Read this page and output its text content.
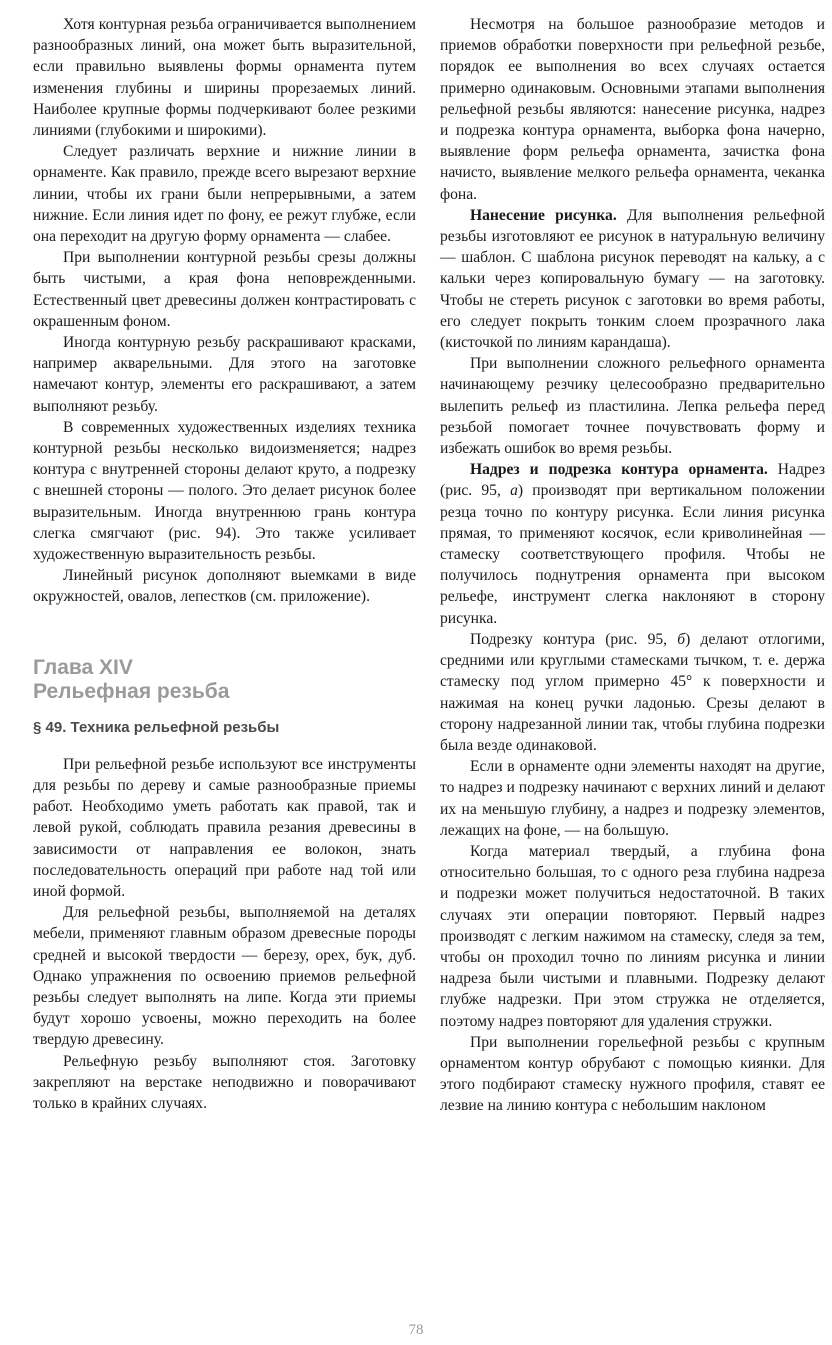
Хотя контурная резьба ограничивается выполнением разнообразных линий, она может быть выразительной, если правильно выявлены формы орнамента путем изменения глубины и ширины прорезаемых линий. Наиболее крупные формы подчеркивают более резкими линиями (глубокими и широкими).

Следует различать верхние и нижние линии в орнаменте. Как правило, прежде всего вырезают верхние линии, чтобы их грани были непрерывными, а затем нижние. Если линия идет по фону, ее режут глубже, если она переходит на другую форму орнамента — слабее.

При выполнении контурной резьбы срезы должны быть чистыми, а края фона неповрежденными. Естественный цвет древесины должен контрастировать с окрашенным фоном.

Иногда контурную резьбу раскрашивают красками, например акварельными. Для этого на заготовке намечают контур, элементы его раскрашивают, а затем выполняют резьбу.

В современных художественных изделиях техника контурной резьбы несколько видоизменяется; надрез контура с внутренней стороны делают круто, а подрезку с внешней стороны — полого. Это делает рисунок более выразительным. Иногда внутреннюю грань контура слегка смягчают (рис. 94). Это также усиливает художественную выразительность резьбы.

Линейный рисунок дополняют выемками в виде окружностей, овалов, лепестков (см. приложение).

Глава XIV
Рельефная резьба
§ 49. Техника рельефной резьбы

При рельефной резьбе используют все инструменты для резьбы по дереву и самые разнообразные приемы работ. Необходимо уметь работать как правой, так и левой рукой, соблюдать правила резания древесины в зависимости от направления ее волокон, знать последовательность операций при работе над той или иной формой.

Для рельефной резьбы, выполняемой на деталях мебели, применяют главным образом древесные породы средней и высокой твердости — березу, орех, бук, дуб. Однако упражнения по освоению приемов рельефной резьбы следует выполнять на липе. Когда эти приемы будут хорошо усвоены, можно переходить на более твердую древесину.

Рельефную резьбу выполняют стоя. Заготовку закрепляют на верстаке неподвижно и поворачивают только в крайних случаях.

Несмотря на большое разнообразие методов и приемов обработки поверхности при рельефной резьбе, порядок ее выполнения во всех случаях остается примерно одинаковым. Основными этапами выполнения рельефной резьбы являются: нанесение рисунка, надрез и подрезка контура орнамента, выборка фона начерно, выявление форм рельефа орнамента, зачистка фона начисто, выявление мелкого рельефа орнамента, чеканка фона.

Нанесение рисунка. Для выполнения рельефной резьбы изготовляют ее рисунок в натуральную величину — шаблон. С шаблона рисунок переводят на кальку, а с кальки через копировальную бумагу — на заготовку. Чтобы не стереть рисунок с заготовки во время работы, его следует покрыть тонким слоем прозрачного лака (кисточкой по линиям карандаша).

При выполнении сложного рельефного орнамента начинающему резчику целесообразно предварительно вылепить рельеф из пластилина. Лепка рельефа перед резьбой помогает точнее почувствовать форму и избежать ошибок во время резьбы.

Надрез и подрезка контура орнамента. Надрез (рис. 95, а) производят при вертикальном положении резца точно по контуру рисунка. Если линия рисунка прямая, то применяют косячок, если криволинейная — стамеску соответствующего профиля. Чтобы не получилось поднутрения орнамента при высоком рельефе, инструмент слегка наклоняют в сторону рисунка.

Подрезку контура (рис. 95, б) делают отлогими, средними или круглыми стамесками тычком, т. е. держа стамеску под углом примерно 45° к поверхности и нажимая на конец ручки ладонью. Срезы делают в сторону надрезанной линии так, чтобы глубина подрезки была везде одинаковой.

Если в орнаменте одни элементы находят на другие, то надрез и подрезку начинают с верхних линий и делают их на меньшую глубину, а надрез и подрезку элементов, лежащих на фоне, — на большую.

Когда материал твердый, а глубина фона относительно большая, то с одного реза глубина надреза и подрезки может получиться недостаточной. В таких случаях эти операции повторяют. Первый надрез производят с легким нажимом на стамеску, следя за тем, чтобы он проходил точно по линиям рисунка и линии надреза были чистыми и плавными. Подрезку делают глубже надрезки. При этом стружка не отделяется, поэтому надрез повторяют для удаления стружки.

При выполнении горельефной резьбы с крупным орнаментом контур обрубают с помощью киянки. Для этого подбирают стамеску нужного профиля, ставят ее лезвие на линию контура с небольшим наклоном

78
